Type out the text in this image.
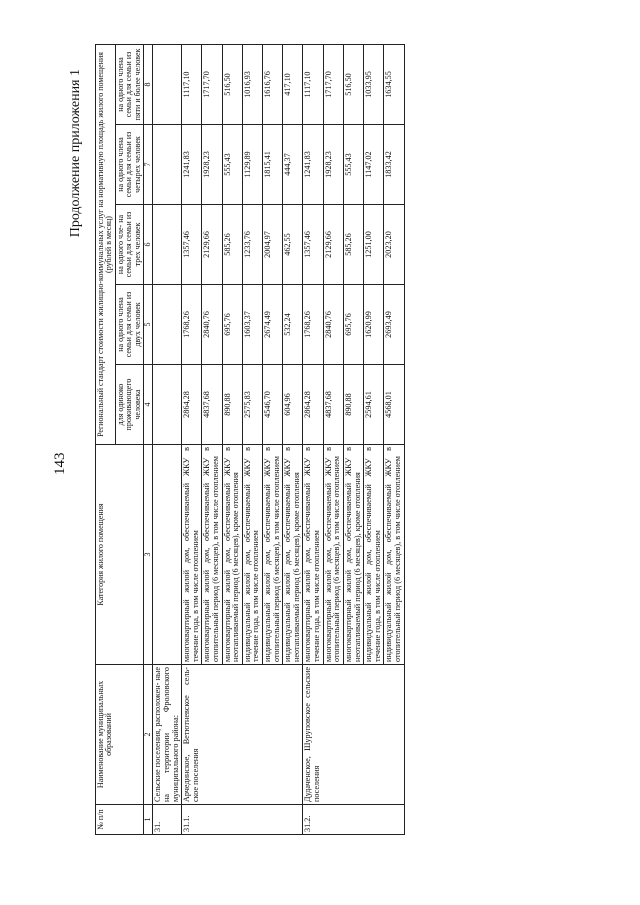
143
Продолжение приложения 1
№ п/п	Наименование муниципальных образований	Категория жилого помещения	Региональный стандарт стоимости жилищно-коммунальных услуг на нормативную площадь жилого помещения (рублей в месяц)				
			для одиноко проживающего человека	на одного члена семьи для семьи из двух человек	на одного чле- на семьи для семьи из трех человек	на одного члена семьи для семьи из четырех человек	на одного члена семьи для семьи из пяти и более человек
1	2	3	4	5	6	7	8
31.	Сельские поселения, расположен- ные на территории Фроловского муниципального района:						
31.1.	Арчединское, Ветютневское сель- ское поселения	многоквартирный жилой дом, обеспечиваемый ЖКУ в течение года, в том числе отоплением	2864,28	1768,26	1357,46	1241,83	1117,10
		многоквартирный жилой дом, обеспечиваемый ЖКУ в отопительный период (6 месяцев), в том числе отоплением	4837,68	2840,76	2129,66	1928,23	1717,70
		многоквартирный жилой дом, обеспечиваемый ЖКУ в неотапливаемый период (6 месяцев), кроме отопления	890,88	695,76	585,26	555,43	516,50
		индивидуальный жилой дом, обеспечиваемый ЖКУ в течение года, в том числе отоплением	2575,83	1603,37	1233,76	1129,89	1016,93
		индивидуальный жилой дом, обеспечиваемый ЖКУ в отопительный период (6 месяцев), в том числе отоплением	4546,70	2674,49	2004,97	1815,41	1616,76
		индивидуальный жилой дом, обеспечиваемый ЖКУ в неотапливаемый период (6 месяцев), кроме отопления	604,96	532,24	462,55	444,37	417,10
31.2.	Дудаченское, Шуруповское сельские поселения	многоквартирный жилой дом, обеспечиваемый ЖКУ в течение года, в том числе отоплением	2864,28	1768,26	1357,46	1241,83	1117,10
		многоквартирный жилой дом, обеспечиваемый ЖКУ в отопительный период (6 месяцев), в том числе отоплением	4837,68	2840,76	2129,66	1928,23	1717,70
		многоквартирный жилой дом, обеспечиваемый ЖКУ в неотапливаемый период (6 месяцев), кроме отопления	890,88	695,76	585,26	555,43	516,50
		индивидуальный жилой дом, обеспечиваемый ЖКУ в течение года, в том числе отоплением	2594,61	1620,99	1251,00	1147,02	1033,95
		индивидуальный жилой дом, обеспечиваемый ЖКУ в отопительный период (6 месяцев), в том числе отоплением	4568,01	2693,49	2023,20	1833,42	1634,55
